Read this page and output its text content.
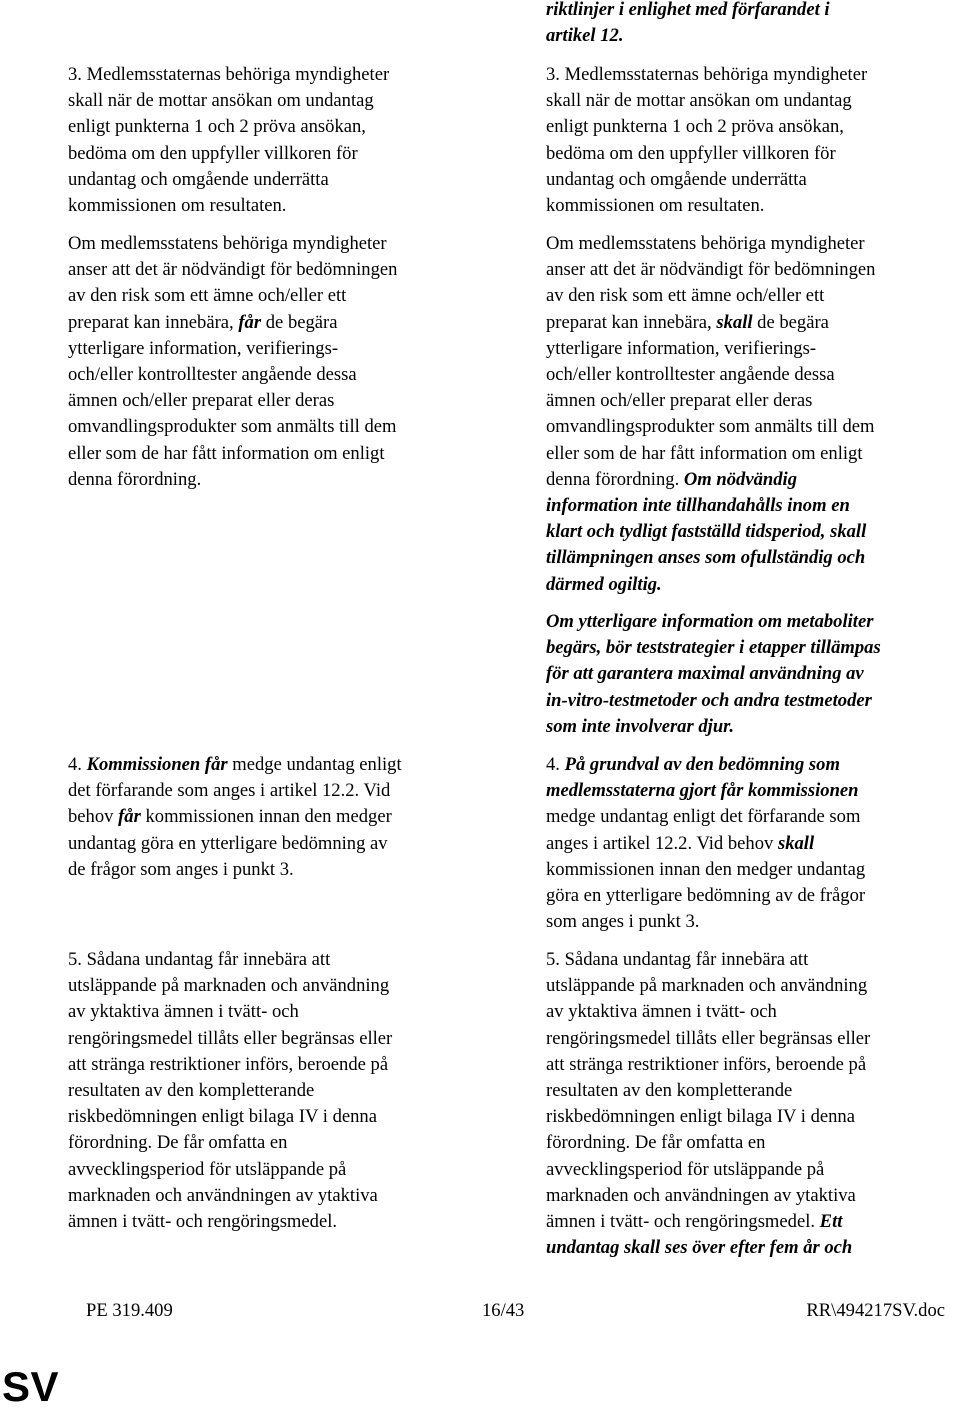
3. Medlemsstaternas behöriga myndigheter
skall när de mottar ansökan om undantag
enligt punkterna 1 och 2 pröva ansökan,
bedöma om den uppfyller villkoren för
undantag och omgående underrätta
kommissionen om resultaten.
Om medlemsstatens behöriga myndigheter
anser att det är nödvändigt för bedömningen
av den risk som ett ämne och/eller ett
preparat kan innebära, får de begära
ytterligare information, verifierings-
och/eller kontrolltester angående dessa
ämnen och/eller preparat eller deras
omvandlingsprodukter som anmälts till dem
eller som de har fått information om enligt
denna förordning.
4. Kommissionen får medge undantag enligt
det förfarande som anges i artikel 12.2. Vid
behov får kommissionen innan den medger
undantag göra en ytterligare bedömning av
de frågor som anges i punkt 3.
5. Sådana undantag får innebära att
utsläppande på marknaden och användning
av yktaktiva ämnen i tvätt- och
rengöringsmedel tillåts eller begränsas eller
att stränga restriktioner införs, beroende på
resultaten av den kompletterande
riskbedömningen enligt bilaga IV i denna
förordning. De får omfatta en
avvecklingsperiod för utsläppande på
marknaden och användningen av ytaktiva
ämnen i tvätt- och rengöringsmedel.
riktlinjer i enlighet med förfarandet i
artikel 12.
3. Medlemsstaternas behöriga myndigheter
skall när de mottar ansökan om undantag
enligt punkterna 1 och 2 pröva ansökan,
bedöma om den uppfyller villkoren för
undantag och omgående underrätta
kommissionen om resultaten.
Om medlemsstatens behöriga myndigheter
anser att det är nödvändigt för bedömningen
av den risk som ett ämne och/eller ett
preparat kan innebära, skall de begära
ytterligare information, verifierings-
och/eller kontrolltester angående dessa
ämnen och/eller preparat eller deras
omvandlingsprodukter som anmälts till dem
eller som de har fått information om enligt
denna förordning. Om nödvändig
information inte tillhandahålls inom en
klart och tydligt fastställd tidsperiod, skall
tillämpningen anses som ofullständig och
därmed ogiltig.
Om ytterligare information om metaboliter
begärs, bör teststrategier i etapper tillämpas
för att garantera maximal användning av
in-vitro-testmetoder och andra testmetoder
som inte involverar djur.
4. På grundval av den bedömning som
medlemsstaterna gjort får kommissionen
medge undantag enligt det förfarande som
anges i artikel 12.2. Vid behov skall
kommissionen innan den medger undantag
göra en ytterligare bedömning av de frågor
som anges i punkt 3.
5. Sådana undantag får innebära att
utsläppande på marknaden och användning
av yktaktiva ämnen i tvätt- och
rengöringsmedel tillåts eller begränsas eller
att stränga restriktioner införs, beroende på
resultaten av den kompletterande
riskbedömningen enligt bilaga IV i denna
förordning. De får omfatta en
avvecklingsperiod för utsläppande på
marknaden och användningen av ytaktiva
ämnen i tvätt- och rengöringsmedel. Ett
undantag skall ses över efter fem år och
PE 319.409	16/43	RR\494217SV.doc
SV
